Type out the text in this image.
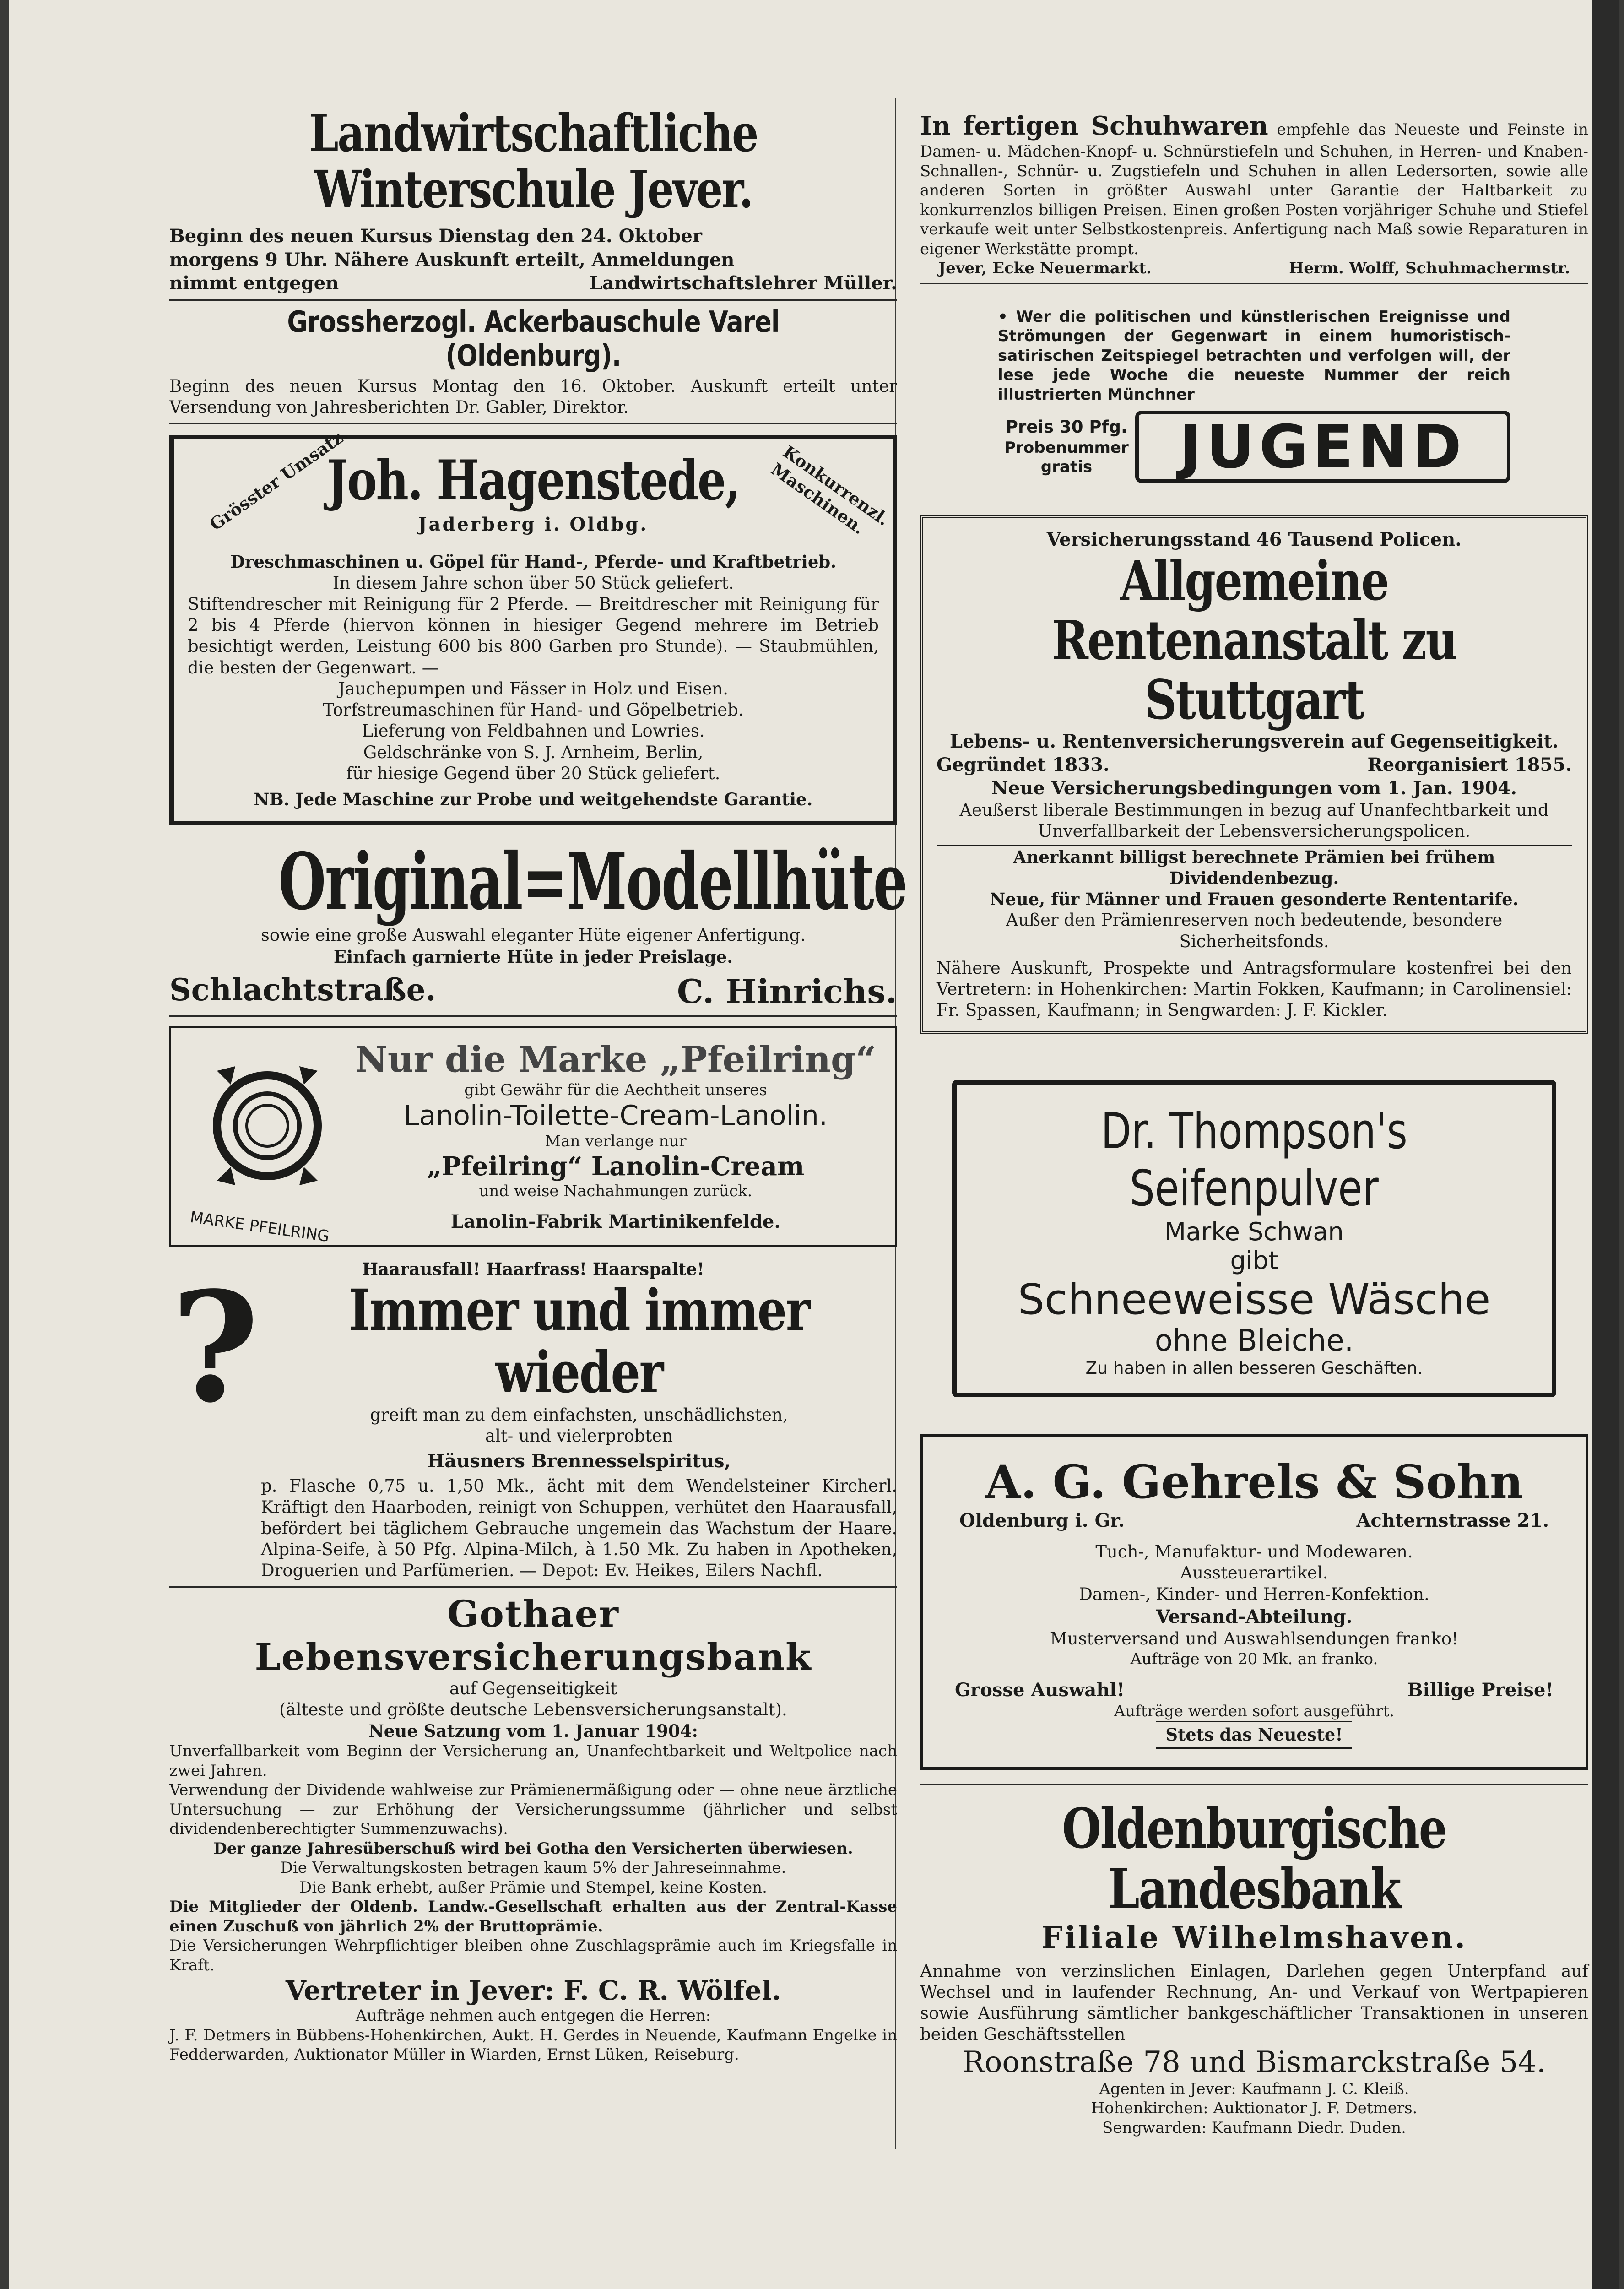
Landwirtschaftliche Winterschule Jever.
Beginn des neuen Kursus Dienstag den 24. Oktober
morgens 9 Uhr. Nähere Auskunft erteilt, Anmeldungen
nimmt entgegen	Landwirtschaftslehrer Müller.
Grossherzogl. Ackerbauschule Varel (Oldenburg).
Beginn des neuen Kursus Montag den 16. Oktober. Auskunft erteilt unter Versendung von Jahresberichten Dr. Gabler, Direktor.
Grösster Umsatz.
Joh. Hagenstede,	Konkurrenzl. Maschinen.
Jaderberg i. Oldbg.
Dreschmaschinen u. Göpel für Hand-, Pferde- und Kraftbetrieb.
In diesem Jahre schon über 50 Stück geliefert.
Stiftendrescher mit Reinigung für 2 Pferde. — Breitdrescher mit Reinigung für 2 bis 4 Pferde (hiervon können in hiesiger Gegend mehrere im Betrieb besichtigt werden, Leistung 600 bis 800 Garben pro Stunde). — Staubmühlen, die besten der Gegenwart. —
Jauchepumpen und Fässer in Holz und Eisen.
Torfstreumaschinen für Hand- und Göpelbetrieb.
Lieferung von Feldbahnen und Lowries.
Geldschränke von S. J. Arnheim, Berlin,
für hiesige Gegend über 20 Stück geliefert.
NB. Jede Maschine zur Probe und weitgehendste Garantie.
Original=Modellhüte
sowie eine große Auswahl eleganter Hüte eigener Anfertigung.
Einfach garnierte Hüte in jeder Preislage.
Schlachtstraße.	C. Hinrichs.
MARKE PFEILRING
Nur die Marke „Pfeilring“
gibt Gewähr für die Aechtheit unseres
Lanolin-Toilette-Cream-Lanolin.
Man verlange nur
„Pfeilring“ Lanolin-Cream
und weise Nachahmungen zurück.
Lanolin-Fabrik Martinikenfelde.
Haarausfall! Haarfrass! Haarspalte!
?	Immer und immer wieder
greift man zu dem einfachsten, unschädlichsten,
alt- und vielerprobten
Häusners Brennesselspiritus,
p. Flasche 0,75 u. 1,50 Mk., ächt mit dem Wendelsteiner Kircherl. Kräftigt den Haarboden, reinigt von Schuppen, verhütet den Haarausfall, befördert bei täglichem Gebrauche ungemein das Wachstum der Haare. Alpina-Seife, à 50 Pfg. Alpina-Milch, à 1.50 Mk. Zu haben in Apotheken, Droguerien und Parfümerien. — Depot: Ev. Heikes, Eilers Nachfl.
Gothaer Lebensversicherungsbank
auf Gegenseitigkeit
(älteste und größte deutsche Lebensversicherungsanstalt).
Neue Satzung vom 1. Januar 1904:
Unverfallbarkeit vom Beginn der Versicherung an, Unanfechtbarkeit und Weltpolice nach zwei Jahren.
Verwendung der Dividende wahlweise zur Prämienermäßigung oder — ohne neue ärztliche Untersuchung — zur Erhöhung der Versicherungssumme (jährlicher und selbst dividendenberechtigter Summenzuwachs).
Der ganze Jahresüberschuß wird bei Gotha den Versicherten überwiesen.
Die Verwaltungskosten betragen kaum 5% der Jahreseinnahme.
Die Bank erhebt, außer Prämie und Stempel, keine Kosten.
Die Mitglieder der Oldenb. Landw.-Gesellschaft erhalten aus der Zentral-Kasse einen Zuschuß von jährlich 2% der Bruttoprämie.
Die Versicherungen Wehrpflichtiger bleiben ohne Zuschlagsprämie auch im Kriegsfalle in Kraft.
Vertreter in Jever: F. C. R. Wölfel.
Aufträge nehmen auch entgegen die Herren:
J. F. Detmers in Bübbens-Hohenkirchen, Aukt. H. Gerdes in Neuende, Kaufmann Engelke in Fedderwarden, Auktionator Müller in Wiarden, Ernst Lüken, Reiseburg.
In fertigen Schuhwaren empfehle das Neueste und Feinste in Damen- u. Mädchen-Knopf- u. Schnürstiefeln und Schuhen, in Herren- und Knaben-Schnallen-, Schnür- u. Zugstiefeln und Schuhen in allen Ledersorten, sowie alle anderen Sorten in größter Auswahl unter Garantie der Haltbarkeit zu konkurrenzlos billigen Preisen. Einen großen Posten vorjähriger Schuhe und Stiefel verkaufe weit unter Selbstkostenpreis. Anfertigung nach Maß sowie Reparaturen in eigener Werkstätte prompt.
Jever, Ecke Neuermarkt.	Herm. Wolff, Schuhmachermstr.
• Wer die politischen und künstlerischen Ereignisse und Strömungen der Gegenwart in einem humoristisch-satirischen Zeitspiegel betrachten und verfolgen will, der lese jede Woche die neueste Nummer der reich illustrierten Münchner
Preis 30 Pfg.
Probenummer
gratis	JUGEND
Versicherungsstand 46 Tausend Policen.
Allgemeine Rentenanstalt zu Stuttgart
Lebens- u. Rentenversicherungsverein auf Gegenseitigkeit.
Gegründet 1833.	Reorganisiert 1855.
Neue Versicherungsbedingungen vom 1. Jan. 1904.
Aeußerst liberale Bestimmungen in bezug auf Unanfechtbarkeit und Unverfallbarkeit der Lebensversicherungspolicen.
Anerkannt billigst berechnete Prämien bei frühem Dividendenbezug.
Neue, für Männer und Frauen gesonderte Rententarife.
Außer den Prämienreserven noch bedeutende, besondere Sicherheitsfonds.
Nähere Auskunft, Prospekte und Antragsformulare kostenfrei bei den Vertretern: in Hohenkirchen: Martin Fokken, Kaufmann; in Carolinensiel: Fr. Spassen, Kaufmann; in Sengwarden: J. F. Kickler.
Dr. Thompson's Seifenpulver
Marke Schwan
gibt
Schneeweisse Wäsche
ohne Bleiche.
Zu haben in allen besseren Geschäften.
A. G. Gehrels & Sohn
Oldenburg i. Gr.	Achternstrasse 21.
Tuch-, Manufaktur- und Modewaren.
Aussteuerartikel.
Damen-, Kinder- und Herren-Konfektion.
Versand-Abteilung.
Musterversand und Auswahlsendungen franko!
Aufträge von 20 Mk. an franko.
Grosse Auswahl!	Billige Preise!
Aufträge werden sofort ausgeführt.
Stets das Neueste!
Oldenburgische Landesbank
Filiale Wilhelmshaven.
Annahme von verzinslichen Einlagen, Darlehen gegen Unterpfand auf Wechsel und in laufender Rechnung, An- und Verkauf von Wertpapieren sowie Ausführung sämtlicher bankgeschäftlicher Transaktionen in unseren beiden Geschäftsstellen
Roonstraße 78 und Bismarckstraße 54.
Agenten in Jever: Kaufmann J. C. Kleiß.
Hohenkirchen: Auktionator J. F. Detmers.
Sengwarden: Kaufmann Diedr. Duden.
